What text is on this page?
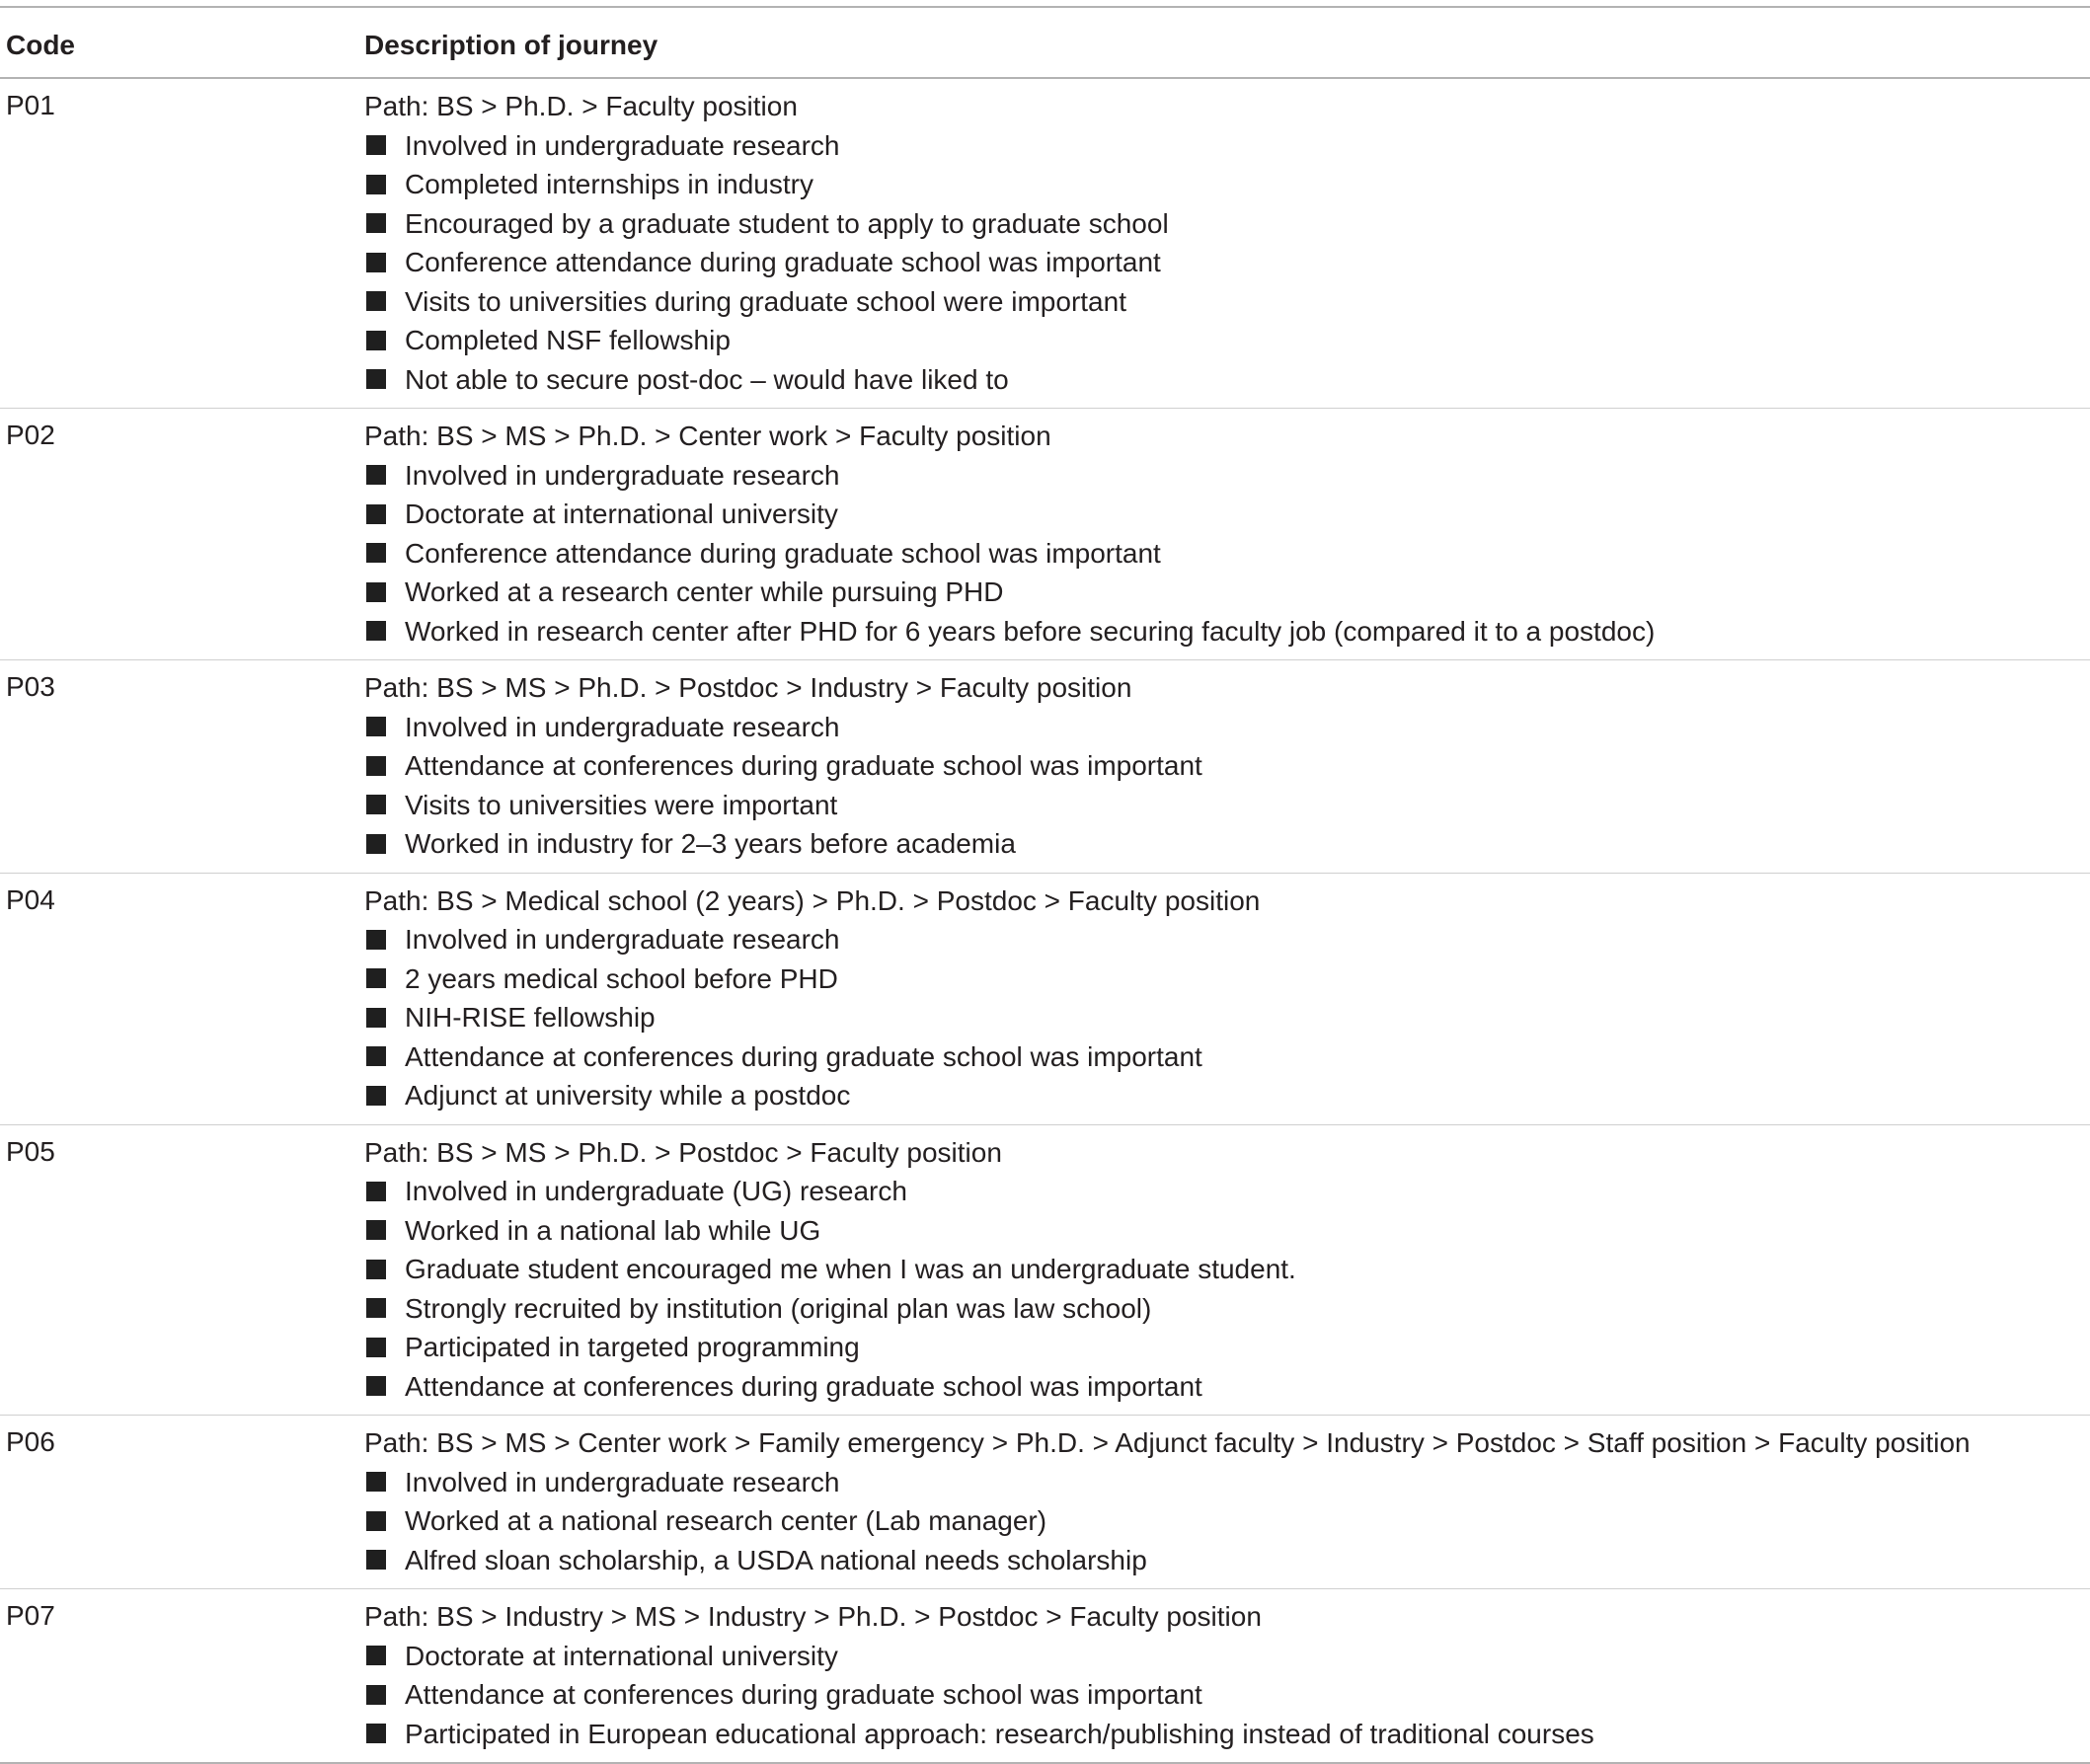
Code	Description of journey
P01	Path: BS > Ph.D. > Faculty position
Involved in undergraduate research
Completed internships in industry
Encouraged by a graduate student to apply to graduate school
Conference attendance during graduate school was important
Visits to universities during graduate school were important
Completed NSF fellowship
Not able to secure post-doc – would have liked to
P02	Path: BS > MS > Ph.D. > Center work > Faculty position
Involved in undergraduate research
Doctorate at international university
Conference attendance during graduate school was important
Worked at a research center while pursuing PHD
Worked in research center after PHD for 6 years before securing faculty job (compared it to a postdoc)
P03	Path: BS > MS > Ph.D. > Postdoc > Industry > Faculty position
Involved in undergraduate research
Attendance at conferences during graduate school was important
Visits to universities were important
Worked in industry for 2–3 years before academia
P04	Path: BS > Medical school (2 years) > Ph.D. > Postdoc > Faculty position
Involved in undergraduate research
2 years medical school before PHD
NIH-RISE fellowship
Attendance at conferences during graduate school was important
Adjunct at university while a postdoc
P05	Path: BS > MS > Ph.D. > Postdoc > Faculty position
Involved in undergraduate (UG) research
Worked in a national lab while UG
Graduate student encouraged me when I was an undergraduate student.
Strongly recruited by institution (original plan was law school)
Participated in targeted programming
Attendance at conferences during graduate school was important
P06	Path: BS > MS > Center work > Family emergency > Ph.D. > Adjunct faculty > Industry > Postdoc > Staff position > Faculty position
Involved in undergraduate research
Worked at a national research center (Lab manager)
Alfred sloan scholarship, a USDA national needs scholarship
P07	Path: BS > Industry > MS > Industry > Ph.D. > Postdoc > Faculty position
Doctorate at international university
Attendance at conferences during graduate school was important
Participated in European educational approach: research/publishing instead of traditional courses
